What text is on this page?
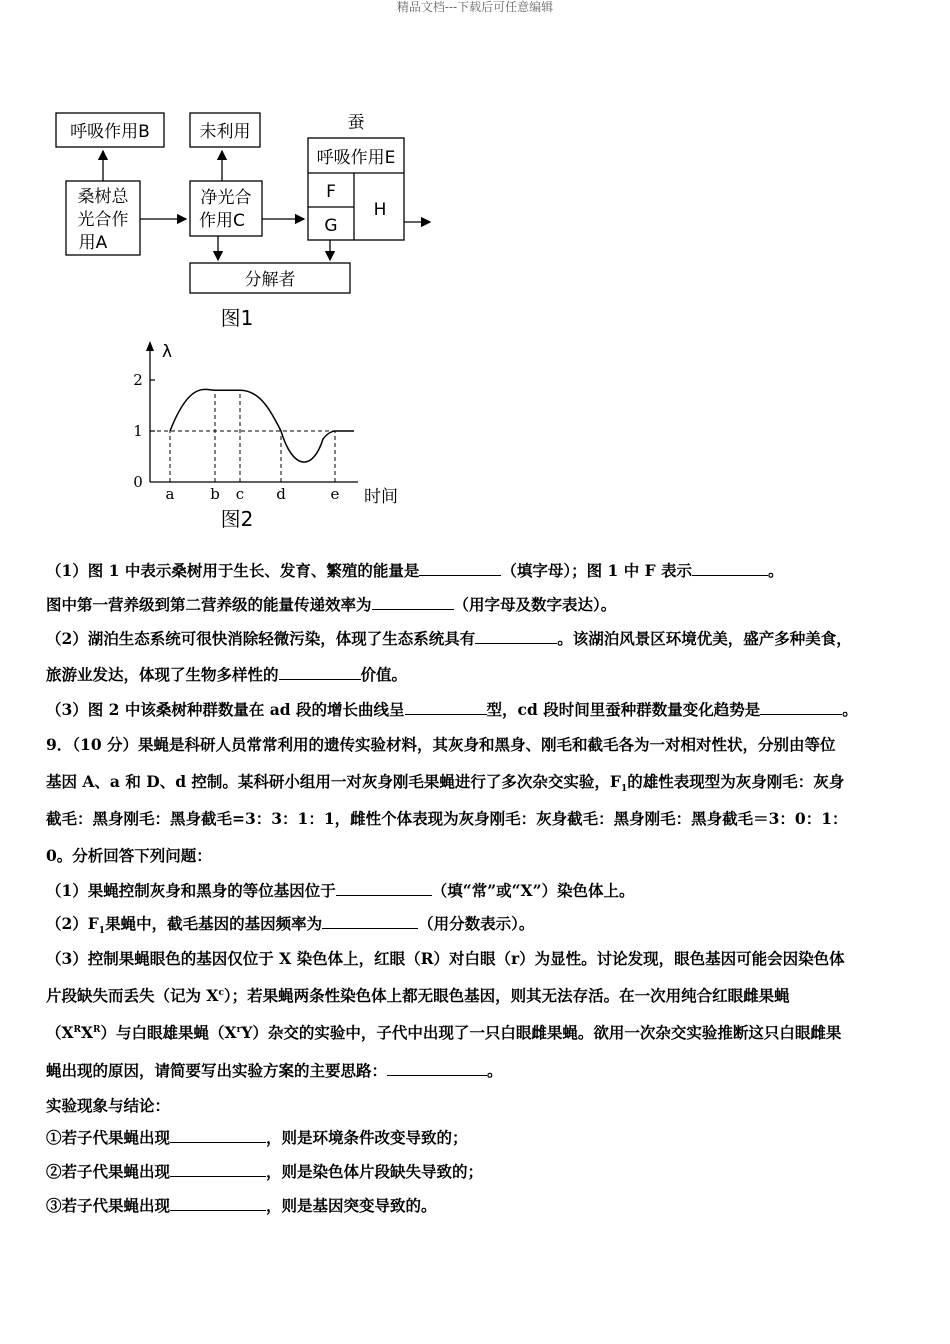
精品文档---下载后可任意编辑
呼吸作用B	未利用	蚕
呼吸作用E
桑树总
光合作
用A
净光合
作用C
F
G
H
分解者
图1
λ
时间
0
1
2
a b c d	e
图2
（1）图 1 中表示桑树用于生长、发育、繁殖的能量是	（填字母）；图 1 中 F 表示	。
图中第一营养级到第二营养级的能量传递效率为	（用字母及数字表达）。
（2）湖泊生态系统可很快消除轻微污染，体现了生态系统具有	。该湖泊风景区环境优美，盛产多种美食，
旅游业发达，体现了生物多样性的	价值。
（3）图 2 中该桑树种群数量在 ad 段的增长曲线呈	型，cd 段时间里蚕种群数量变化趋势是	。
9．（10 分）果蝇是科研人员常常利用的遗传实验材料，其灰身和黑身、刚毛和截毛各为一对相对性状，分别由等位
基因 A、a 和 D、d 控制。某科研小组用一对灰身刚毛果蝇进行了多次杂交实验，$F_1$的雄性表现型为灰身刚毛：灰身
截毛：黑身刚毛：黑身截毛=3：3：1：1，雌性个体表现为灰身刚毛：灰身截毛：黑身刚毛：黑身截毛＝3：0：1：
0。分析回答下列问题：
（1）果蝇控制灰身和黑身的等位基因位于	（填“常”或“X”）染色体上。
$(2)F_1$果蝇中，截毛基因的基因频率为	（用分数表示）。
（3）控制果蝇眼色的基因仅位于 X 染色体上，红眼（R）对白眼（r）为显性。讨论发现，眼色基因可能会因染色体
片段缺失而丢失（记为 $X^c$）；若果蝇两条性染色体上都无眼色基因，则其无法存活。在一次用纯合红眼雌果蝇
$(X^RX^R)$与白眼雄果蝇$(X^rY)$杂交的实验中，子代中出现了一只白眼雌果蝇。欲用一次杂交实验推断这只白眼雌果
蝇出现的原因，请简要写出实验方案的主要思路：	。
实验现象与结论：
①若子代果蝇出现	，则是环境条件改变导致的；
②若子代果蝇出现	，则是染色体片段缺失导致的；
③若子代果蝇出现	，则是基因突变导致的。
